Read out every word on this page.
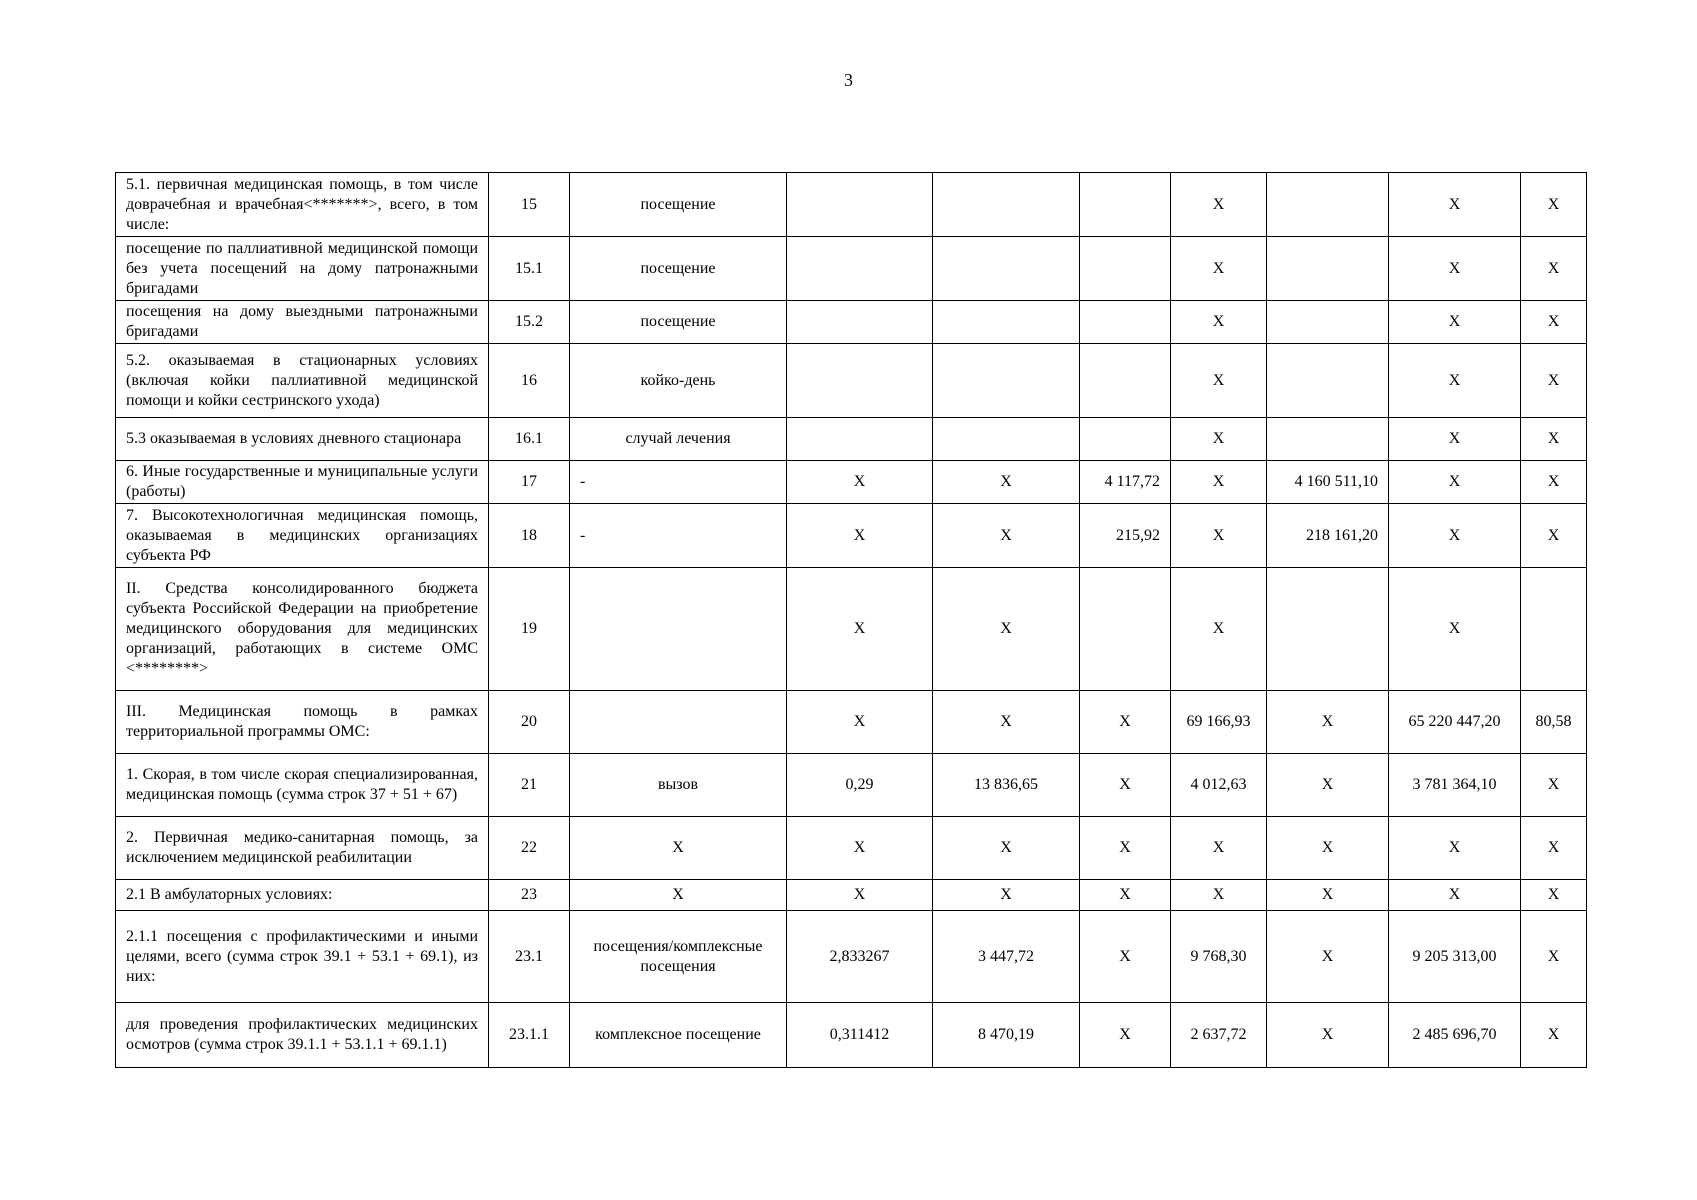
3
5.1. первичная медицинская помощь, в том числе доврачебная и врачебная<*******>, всего, в том числе:	15	посещение				Х		Х	Х
посещение по паллиативной медицинской помощи без учета посещений на дому патронажными бригадами	15.1	посещение				Х		Х	Х
посещения на дому выездными патронажными бригадами	15.2	посещение				Х		Х	Х
5.2. оказываемая в стационарных условиях (включая койки паллиативной медицинской помощи и койки сестринского ухода)	16	койко-день				Х		Х	Х
5.3 оказываемая в условиях дневного стационара	16.1	случай лечения				Х		Х	Х
6. Иные государственные и муниципальные услуги (работы)	17	-	Х	Х	4 117,72	Х	4 160 511,10	Х	Х
7. Высокотехнологичная медицинская помощь, оказываемая в медицинских организациях субъекта РФ	18	-	Х	Х	215,92	Х	218 161,20	Х	Х
II. Средства консолидированного бюджета субъекта Российской Федерации на приобретение медицинского оборудования для медицинских организаций, работающих в системе ОМС <********>	19		Х	Х		Х		Х	
III. Медицинская помощь в рамках территориальной программы ОМС:	20		Х	Х	Х	69 166,93	Х	65 220 447,20	80,58
1. Скорая, в том числе скорая специализированная, медицинская помощь (сумма строк 37 + 51 + 67)	21	вызов	0,29	13 836,65	Х	4 012,63	Х	3 781 364,10	Х
2. Первичная медико-санитарная помощь, за исключением медицинской реабилитации	22	Х	Х	Х	Х	Х	Х	Х	Х
2.1 В амбулаторных условиях:	23	Х	Х	Х	Х	Х	Х	Х	Х
2.1.1 посещения с профилактическими и иными целями, всего (сумма строк 39.1 + 53.1 + 69.1), из них:	23.1	посещения/комплексные посещения	2,833267	3 447,72	Х	9 768,30	Х	9 205 313,00	Х
для проведения профилактических медицинских осмотров (сумма строк 39.1.1 + 53.1.1 + 69.1.1)	23.1.1	комплексное посещение	0,311412	8 470,19	Х	2 637,72	Х	2 485 696,70	Х
